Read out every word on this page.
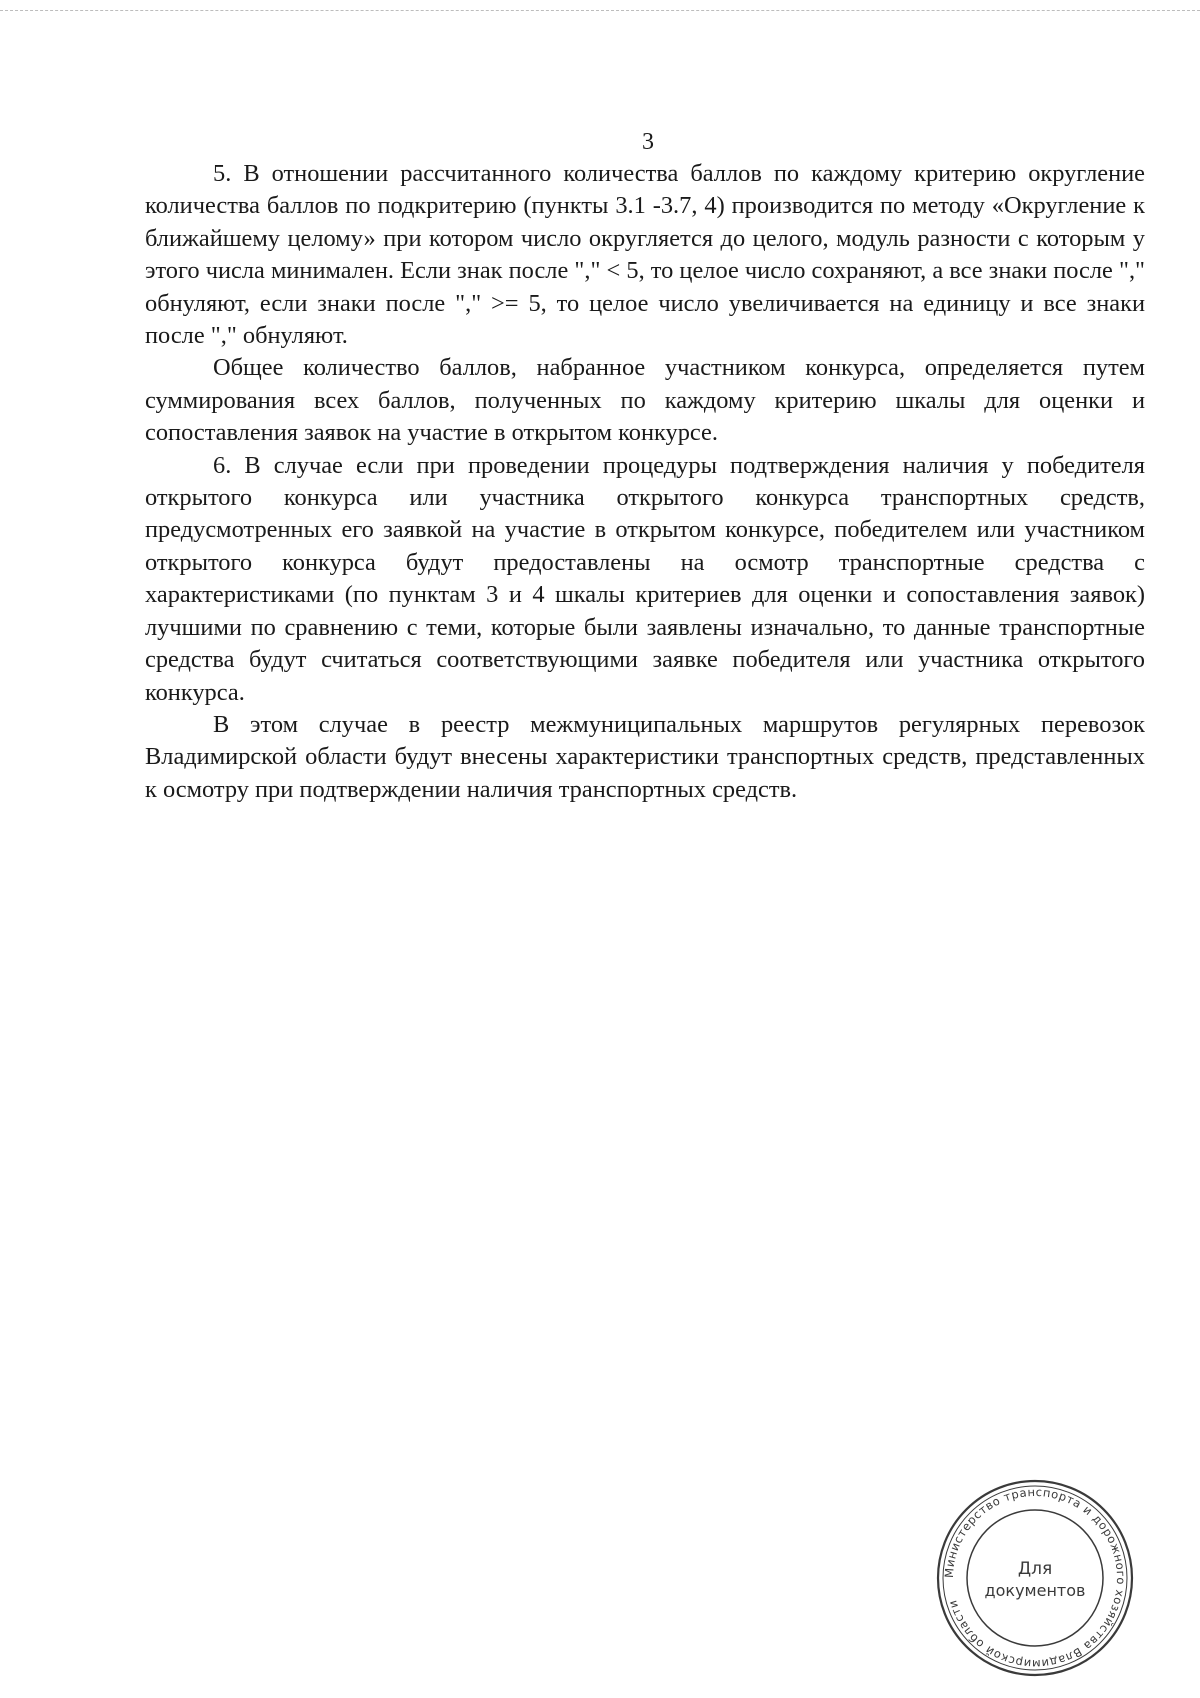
3

5. В отношении рассчитанного количества баллов по каждому критерию округление количества баллов по подкритерию (пункты 3.1 -3.7, 4) производится по методу «Округление к ближайшему целому» при котором число округляется до целого, модуль разности с которым у этого числа минимален. Если знак после "," < 5, то целое число сохраняют, а все знаки после "," обнуляют, если знаки после "," >= 5, то целое число увеличивается на единицу и все знаки после "," обнуляют.

Общее количество баллов, набранное участником конкурса, определяется путем суммирования всех баллов, полученных по каждому критерию шкалы для оценки и сопоставления заявок на участие в открытом конкурсе.

6. В случае если при проведении процедуры подтверждения наличия у победителя открытого конкурса или участника открытого конкурса транспортных средств, предусмотренных его заявкой на участие в открытом конкурсе, победителем или участником открытого конкурса будут предоставлены на осмотр транспортные средства с характеристиками (по пунктам 3 и 4 шкалы критериев для оценки и сопоставления заявок) лучшими по сравнению с теми, которые были заявлены изначально, то данные транспортные средства будут считаться соответствующими заявке победителя или участника открытого конкурса.

В этом случае в реестр межмуниципальных маршрутов регулярных перевозок Владимирской области будут внесены характеристики транспортных средств, представленных к осмотру при подтверждении наличия транспортных средств.

Министерство транспорта и дорожного хозяйства Владимирской области
Для
документов
